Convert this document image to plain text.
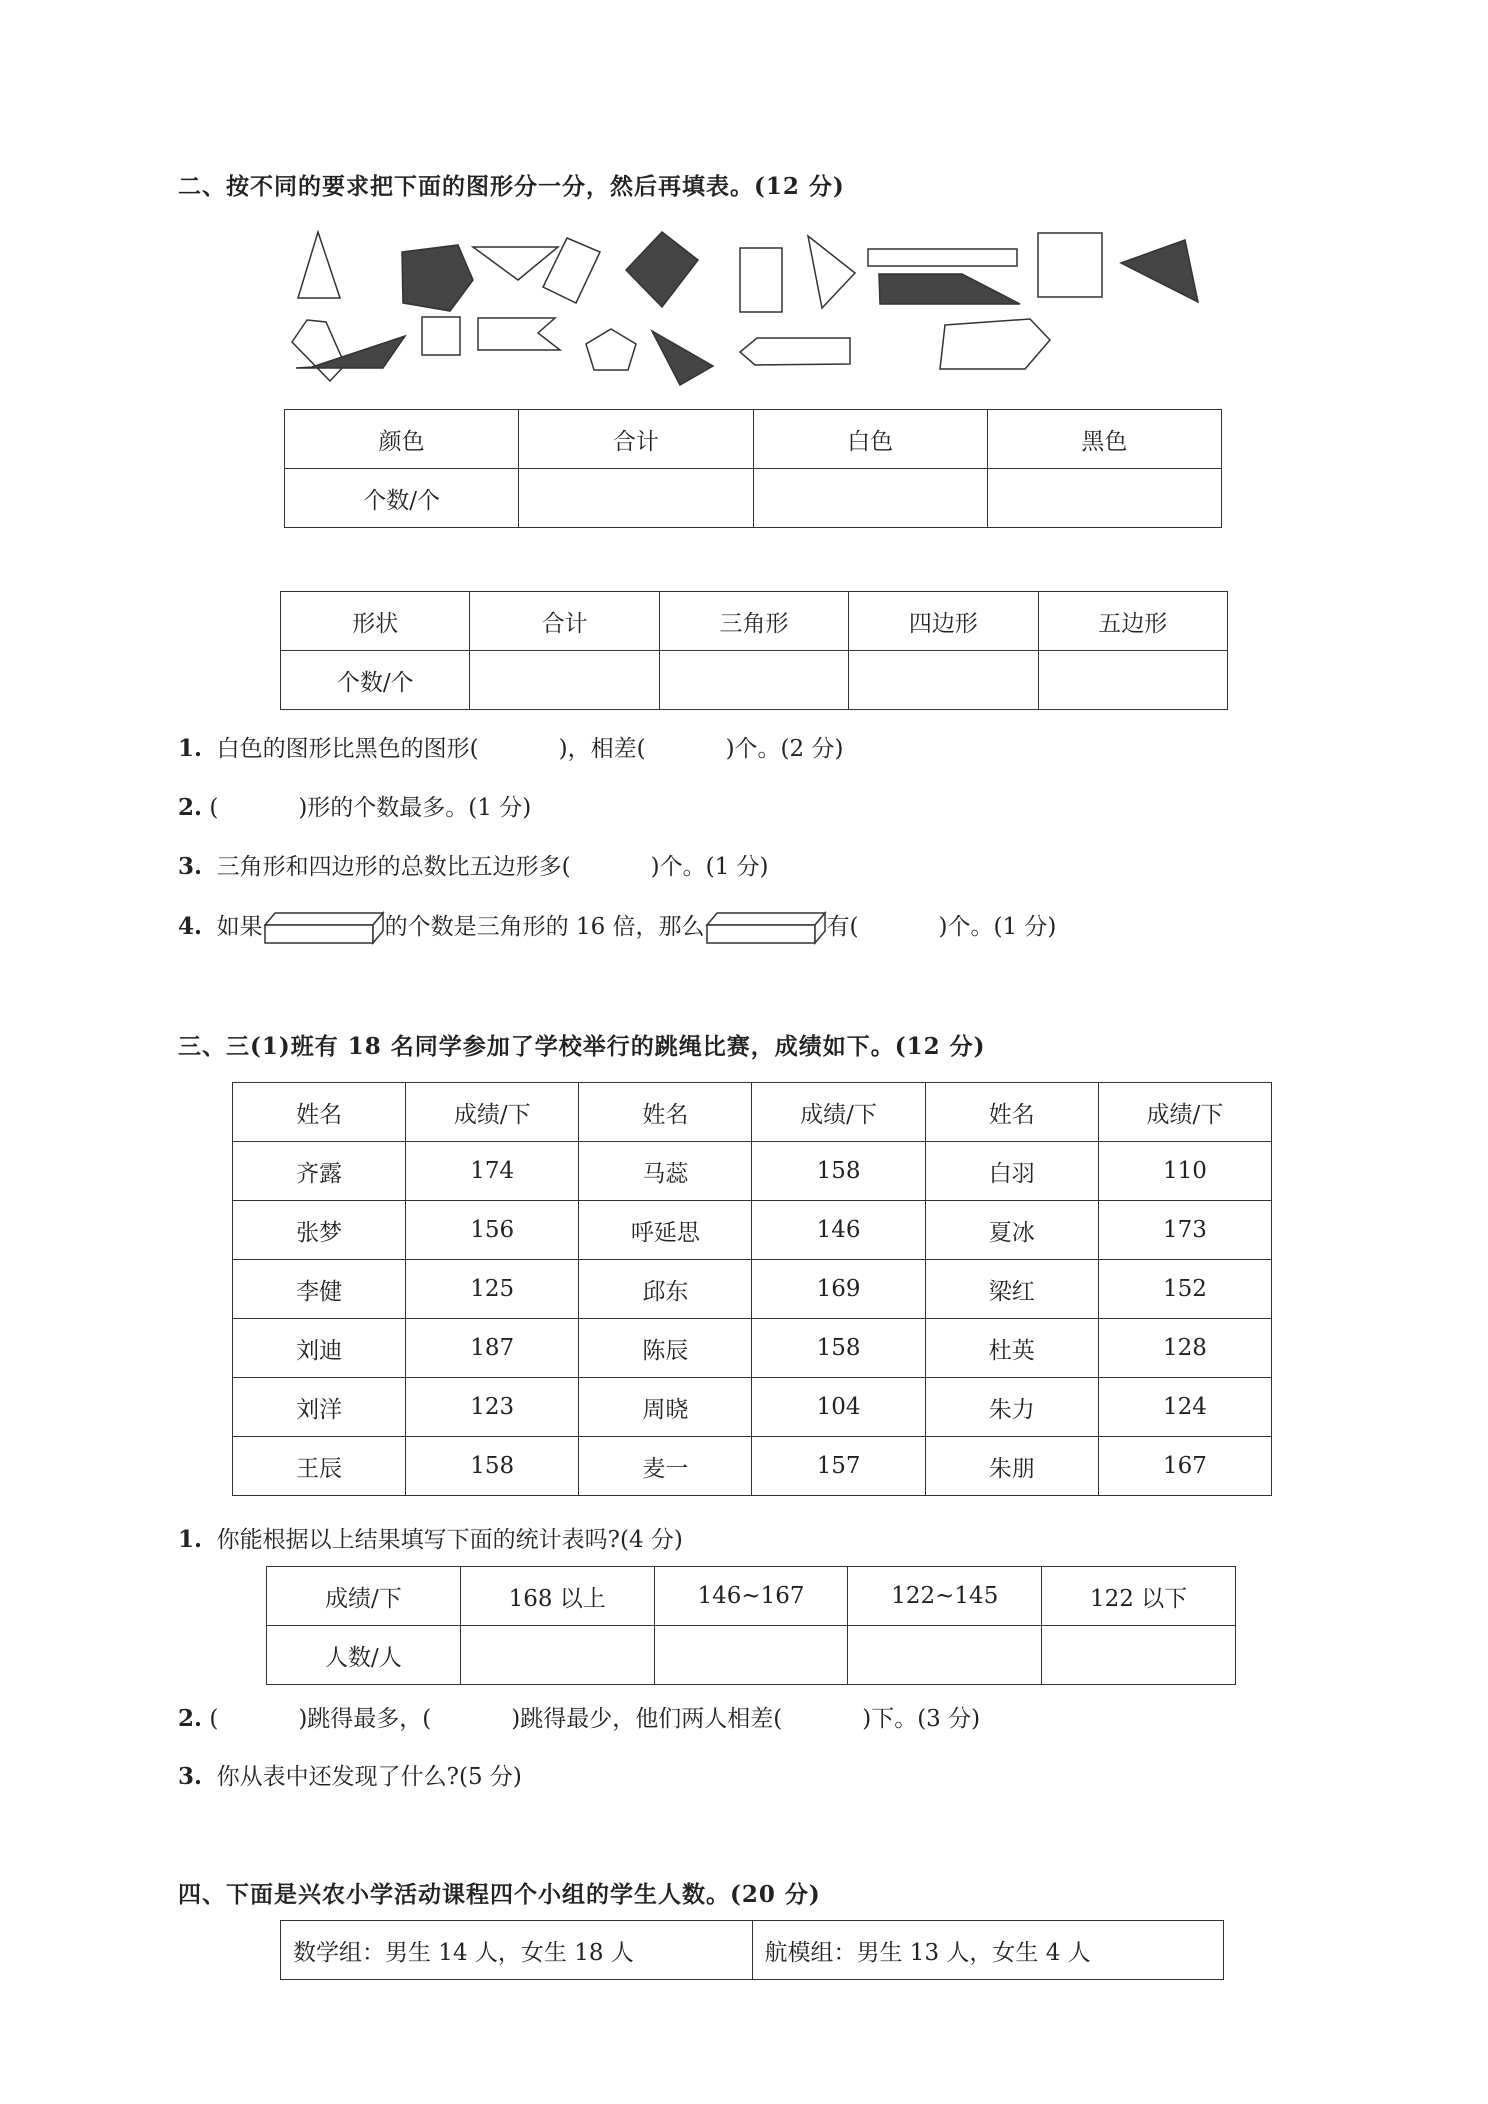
二、按不同的要求把下面的图形分一分，然后再填表。(12 分)
颜色	合计	白色	黑色
个数/个			
形状	合计	三角形	四边形	五边形
个数/个				
1. 白色的图形比黑色的图形(	)，相差(	)个。(2 分)
2. (	)形的个数最多。(1 分)
3. 三角形和四边形的总数比五边形多(	)个。(1 分)
4. 如果	的个数是三角形的 16 倍，那么	有(	)个。(1 分)
三、三(1)班有 18 名同学参加了学校举行的跳绳比赛，成绩如下。(12 分)
姓名	成绩/下	姓名	成绩/下	姓名	成绩/下
齐露	174	马蕊	158	白羽	110
张梦	156	呼延思	146	夏冰	173
李健	125	邱东	169	梁红	152
刘迪	187	陈辰	158	杜英	128
刘洋	123	周晓	104	朱力	124
王辰	158	麦一	157	朱朋	167
1. 你能根据以上结果填写下面的统计表吗?(4 分)
成绩/下	168 以上	146~167	122~145	122 以下
人数/人				
2. (	)跳得最多，(	)跳得最少，他们两人相差(	)下。(3 分)
3. 你从表中还发现了什么?(5 分)
四、下面是兴农小学活动课程四个小组的学生人数。(20 分)
数学组：男生 14 人，女生 18 人	航模组：男生 13 人，女生 4 人
